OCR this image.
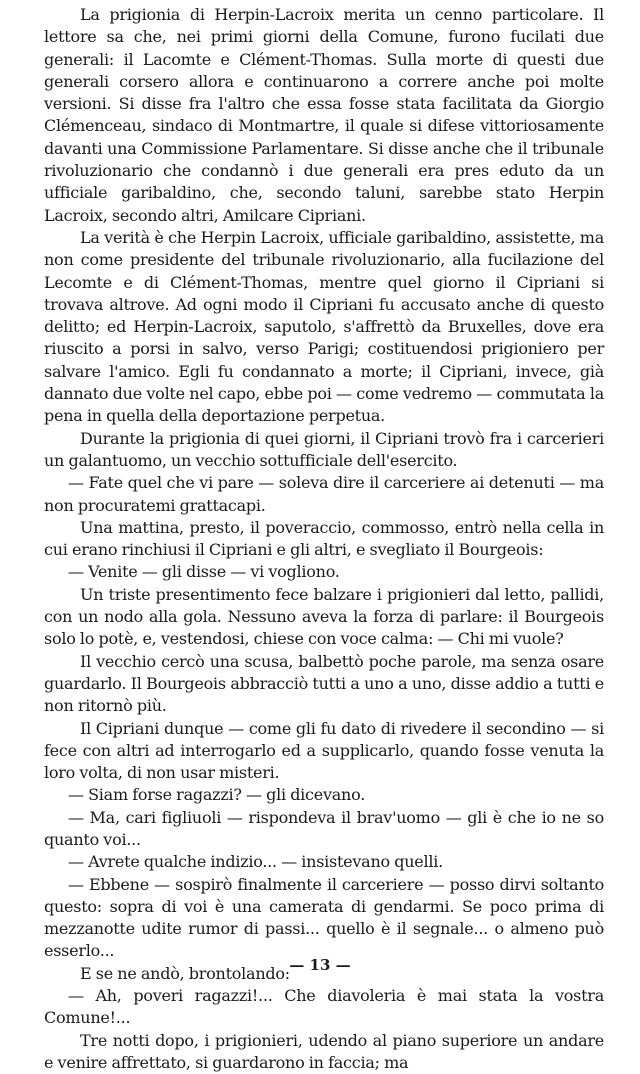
La prigionia di Herpin-Lacroix merita un cenno particolare. Il lettore sa che, nei primi giorni della Comune, furono fucilati due generali: il Lacomte e Clément-Thomas. Sulla morte di questi due generali corsero allora e continuarono a correre anche poi molte versioni. Si disse fra l'altro che essa fosse stata facilitata da Giorgio Clémenceau, sindaco di Montmartre, il quale si difese vittoriosamente davanti una Commissione Parlamentare. Si disse anche che il tribunale rivoluzionario che condannò i due generali era pres eduto da un ufficiale garibaldino, che, secondo taluni, sarebbe stato Herpin Lacroix, secondo altri, Amilcare Cipriani.

La verità è che Herpin Lacroix, ufficiale garibaldino, assistette, ma non come presidente del tribunale rivoluzionario, alla fucilazione del Lecomte e di Clément-Thomas, mentre quel giorno il Cipriani si trovava altrove. Ad ogni modo il Cipriani fu accusato anche di questo delitto; ed Herpin-Lacroix, saputolo, s'affrettò da Bruxelles, dove era riuscito a porsi in salvo, verso Parigi; costituendosi prigioniero per salvare l'amico. Egli fu condannato a morte; il Cipriani, invece, già dannato due volte nel capo, ebbe poi — come vedremo — commutata la pena in quella della deportazione perpetua.

Durante la prigionia di quei giorni, il Cipriani trovò fra i carcerieri un galantuomo, un vecchio sottufficiale dell'esercito.

— Fate quel che vi pare — soleva dire il carceriere ai detenuti — ma non procuratemi grattacapi.

Una mattina, presto, il poveraccio, commosso, entrò nella cella in cui erano rinchiusi il Cipriani e gli altri, e svegliato il Bourgeois:

— Venite — gli disse — vi vogliono.

Un triste presentimento fece balzare i prigionieri dal letto, pallidi, con un nodo alla gola. Nessuno aveva la forza di parlare: il Bourgeois solo lo potè, e, vestendosi, chiese con voce calma: — Chi mi vuole?

Il vecchio cercò una scusa, balbettò poche parole, ma senza osare guardarlo. Il Bourgeois abbracciò tutti a uno a uno, disse addio a tutti e non ritornò più.

Il Cipriani dunque — come gli fu dato di rivedere il secondino — si fece con altri ad interrogarlo ed a supplicarlo, quando fosse venuta la loro volta, di non usar misteri.

— Siam forse ragazzi? — gli dicevano.

— Ma, cari figliuoli — rispondeva il brav'uomo — gli è che io ne so quanto voi...

— Avrete qualche indizio... — insistevano quelli.

— Ebbene — sospirò finalmente il carceriere — posso dirvi soltanto questo: sopra di voi è una camerata di gendarmi. Se poco prima di mezzanotte udite rumor di passi... quello è il segnale... o almeno può esserlo...

E se ne andò, brontolando:

— Ah, poveri ragazzi!... Che diavoleria è mai stata la vostra Comune!...

Tre notti dopo, i prigionieri, udendo al piano superiore un andare e venire affrettato, si guardarono in faccia; ma

— 13 —
